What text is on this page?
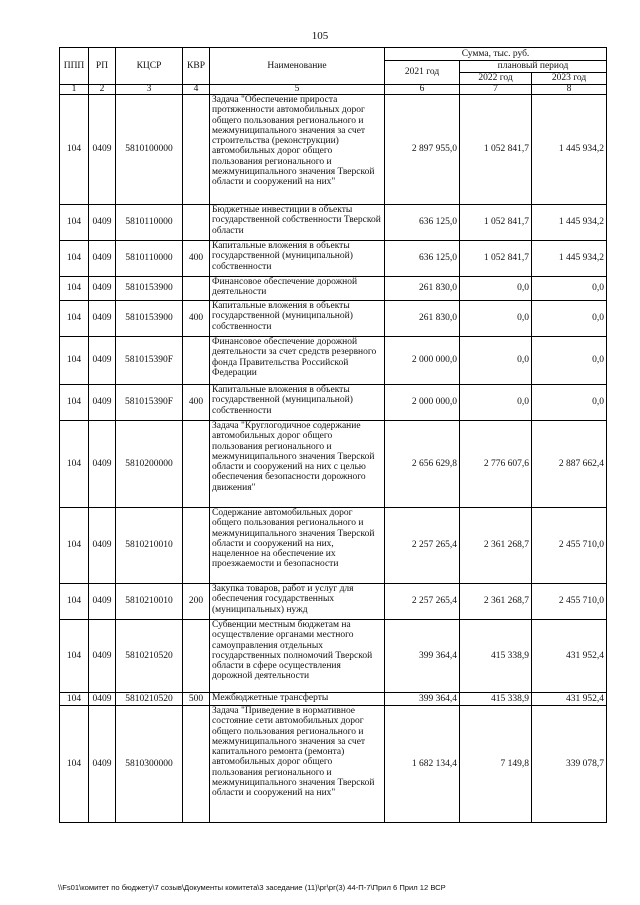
105
ППП	РП	КЦСР	КВР	Наименование	Сумма, тыс. руб.		
					2021 год	плановый период	
						2022 год	2023 год
1	2	3	4	5	6	7	8
104	0409	5810100000		Задача "Обеспечение прироста протяженности автомобильных дорог общего пользования регионального и межмуниципального значения за счет строительства (реконструкции) автомобильных дорог общего пользования регионального и межмуниципального значения Тверской области и сооружений на них"	2 897 955,0	1 052 841,7	1 445 934,2
104	0409	5810110000		Бюджетные инвестиции в объекты государственной собственности Тверской области	636 125,0	1 052 841,7	1 445 934,2
104	0409	5810110000	400	Капитальные вложения в объекты государственной (муниципальной) собственности	636 125,0	1 052 841,7	1 445 934,2
104	0409	5810153900		Финансовое обеспечение дорожной деятельности	261 830,0	0,0	0,0
104	0409	5810153900	400	Капитальные вложения в объекты государственной (муниципальной) собственности	261 830,0	0,0	0,0
104	0409	581015390F		Финансовое обеспечение дорожной деятельности за счет средств резервного фонда Правительства Российской Федерации	2 000 000,0	0,0	0,0
104	0409	581015390F	400	Капитальные вложения в объекты государственной (муниципальной) собственности	2 000 000,0	0,0	0,0
104	0409	5810200000		Задача "Круглогодичное содержание автомобильных дорог общего пользования регионального и межмуниципального значения Тверской области и сооружений на них с целью обеспечения безопасности дорожного движения"	2 656 629,8	2 776 607,6	2 887 662,4
104	0409	5810210010		Содержание автомобильных дорог общего пользования регионального и межмуниципального значения Тверской области и сооружений на них, нацеленное на обеспечение их проезжаемости и безопасности	2 257 265,4	2 361 268,7	2 455 710,0
104	0409	5810210010	200	Закупка товаров, работ и услуг для обеспечения государственных (муниципальных) нужд	2 257 265,4	2 361 268,7	2 455 710,0
104	0409	5810210520		Субвенции местным бюджетам на осуществление органами местного самоуправления отдельных государственных полномочий Тверской области в сфере осуществления дорожной деятельности	399 364,4	415 338,9	431 952,4
104	0409	5810210520	500	Межбюджетные трансферты	399 364,4	415 338,9	431 952,4
104	0409	5810300000		Задача "Приведение в нормативное состояние сети автомобильных дорог общего пользования регионального и межмуниципального значения за счет капитального ремонта (ремонта) автомобильных дорог общего пользования регионального и межмуниципального значения Тверской области и сооружений на них"	1 682 134,4	7 149,8	339 078,7
\\Fs01\комитет по бюджету\7 созыв\Документы комитета\3 заседание (11)\рг\рг(3) 44-П-7\Прил 6 Прил 12 ВСР
